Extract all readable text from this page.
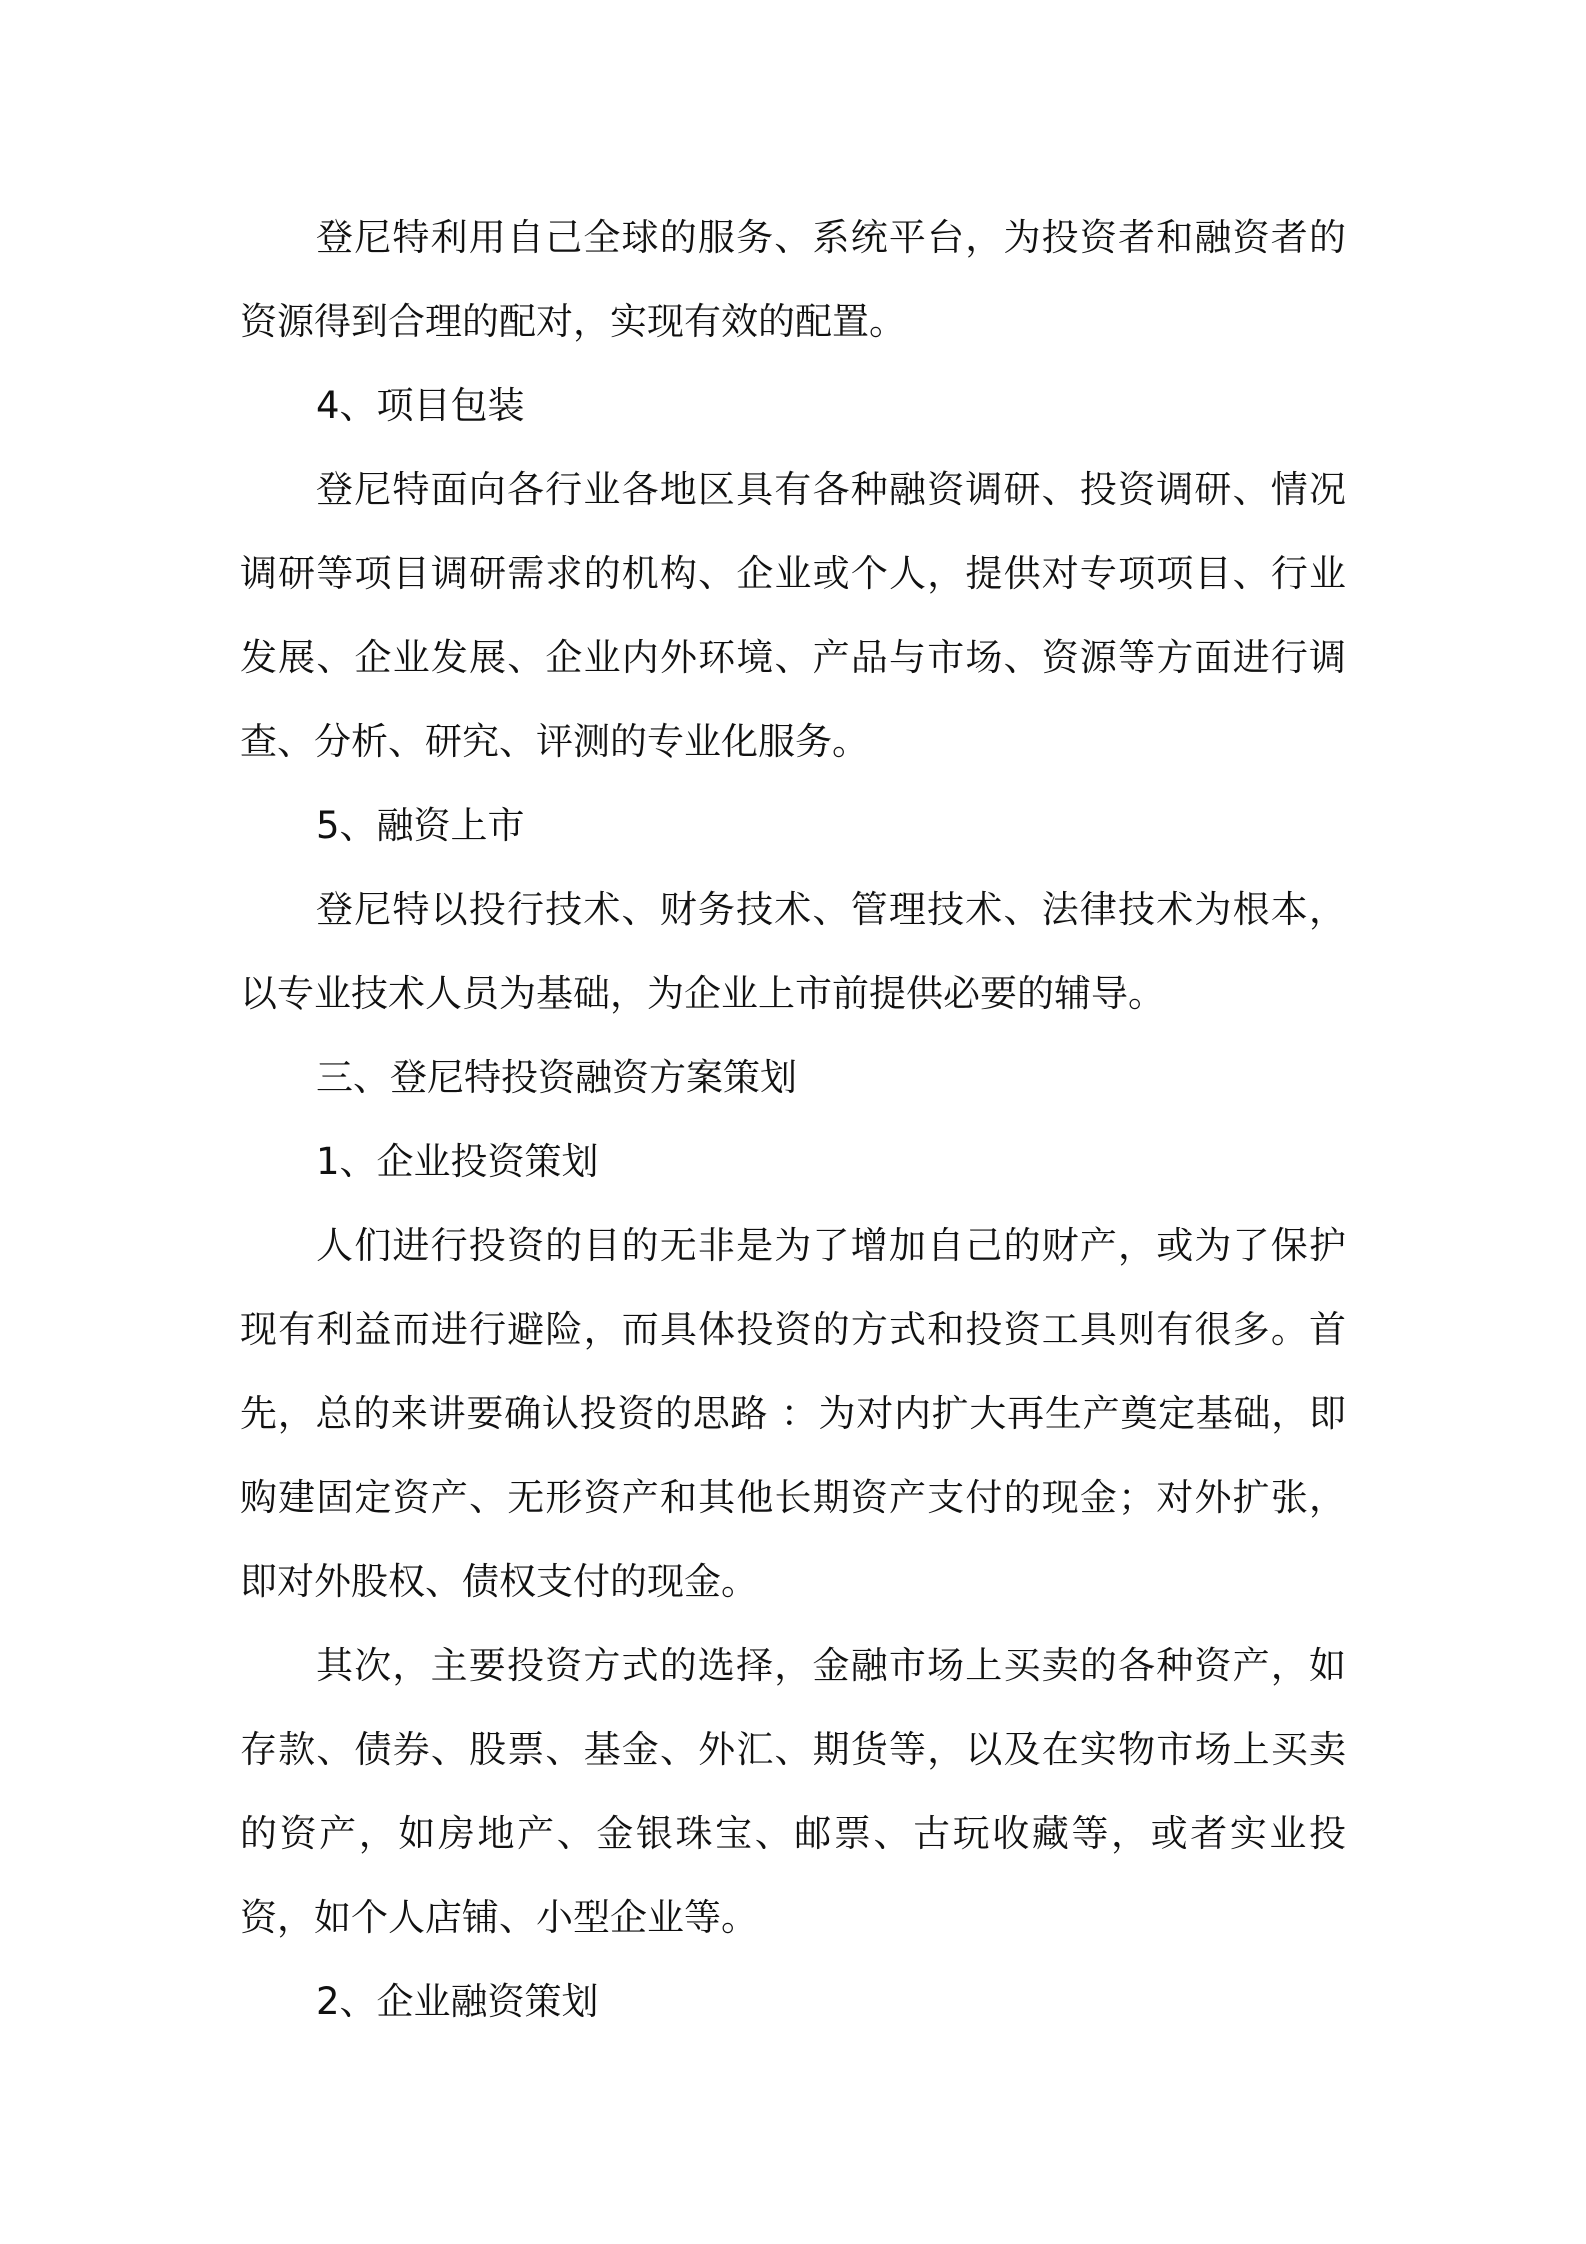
登尼特利用自己全球的服务、系统平台，为投资者和融资者的资源得到合理的配对，实现有效的配置。

4、项目包装

登尼特面向各行业各地区具有各种融资调研、投资调研、情况调研等项目调研需求的机构、企业或个人，提供对专项项目、行业发展、企业发展、企业内外环境、产品与市场、资源等方面进行调查、分析、研究、评测的专业化服务。

5、融资上市

登尼特以投行技术、财务技术、管理技术、法律技术为根本，以专业技术人员为基础，为企业上市前提供必要的辅导。

三、登尼特投资融资方案策划

1、企业投资策划

人们进行投资的目的无非是为了增加自己的财产，或为了保护现有利益而进行避险，而具体投资的方式和投资工具则有很多。首先，总的来讲要确认投资的思路 ：为对内扩大再生产奠定基础，即购建固定资产、无形资产和其他长期资产支付的现金；对外扩张，即对外股权、债权支付的现金。

其次，主要投资方式的选择，金融市场上买卖的各种资产，如存款、债券、股票、基金、外汇、期货等，以及在实物市场上买卖的资产，如房地产、金银珠宝、邮票、古玩收藏等，或者实业投资，如个人店铺、小型企业等。

2、企业融资策划
